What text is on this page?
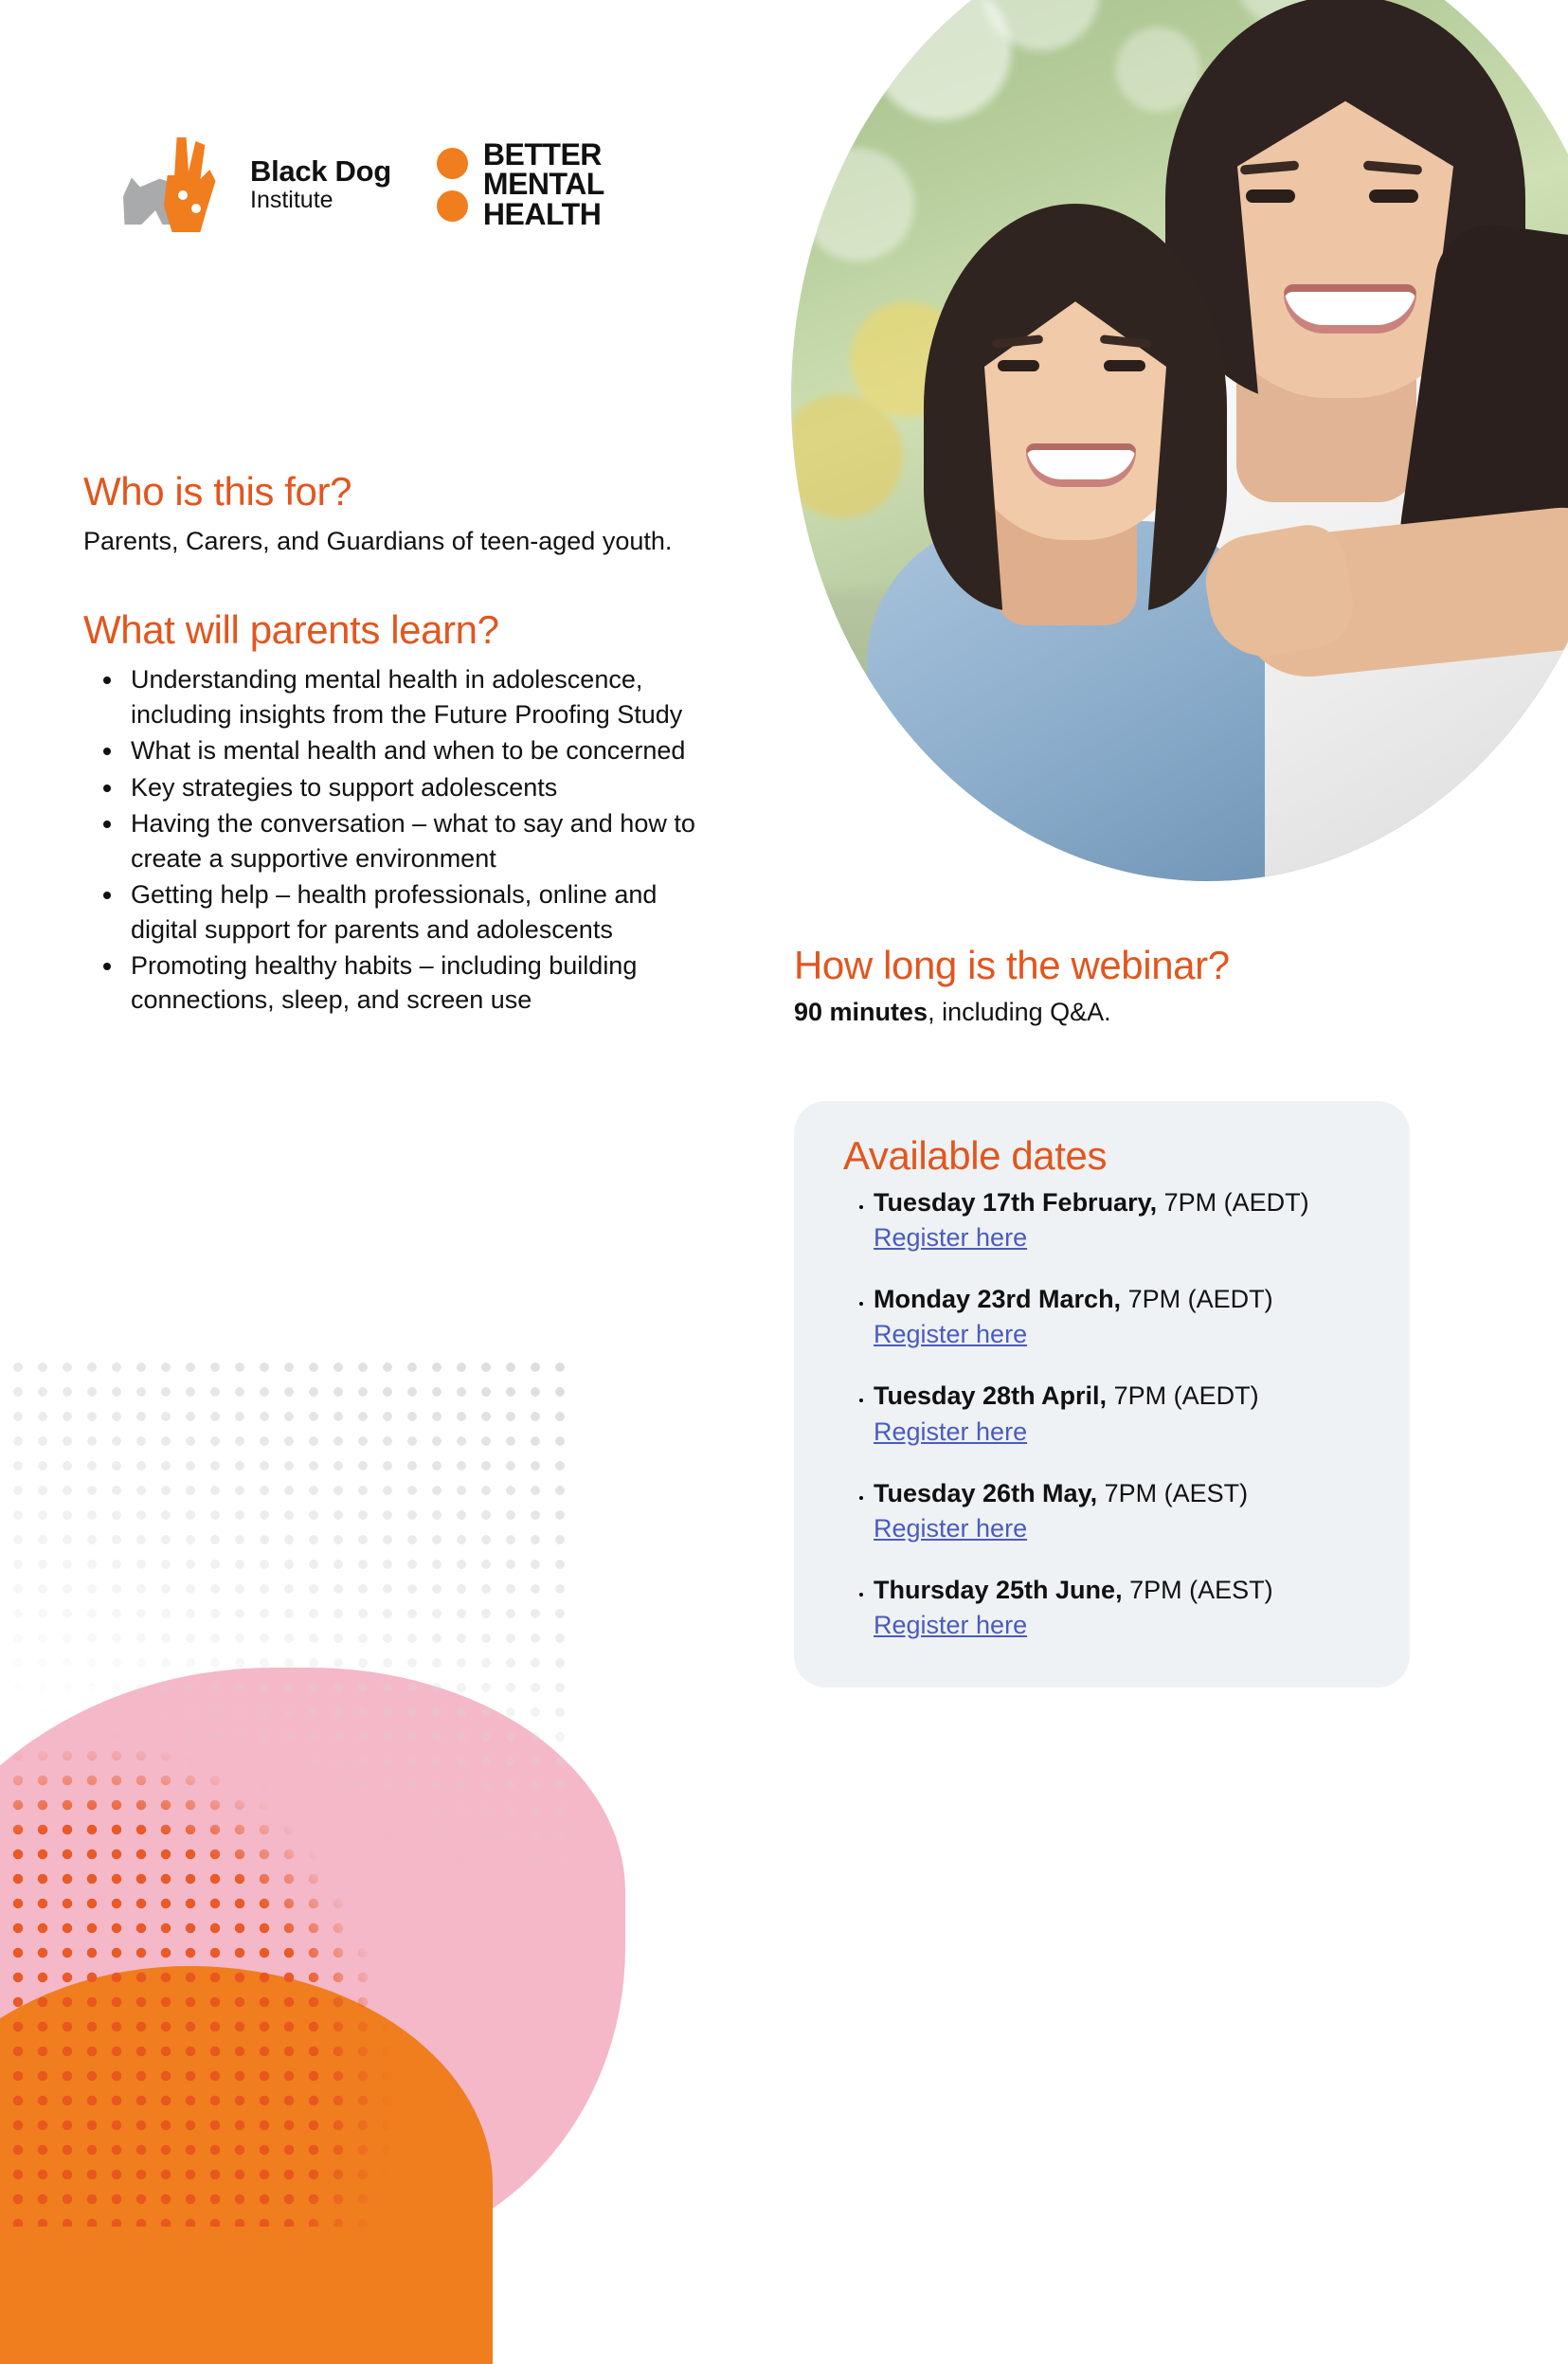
Black Dog
Institute
BETTER
MENTAL
HEALTH
Who is this for?

Parents, Carers, and Guardians of teen-aged youth.

What will parents learn?
• Understanding mental health in adolescence, including insights from the Future Proofing Study
• What is mental health and when to be concerned
• Key strategies to support adolescents
• Having the conversation – what to say and how to create a supportive environment
• Getting help – health professionals, online and digital support for parents and adolescents
• Promoting healthy habits – including building connections, sleep, and screen use
How long is the webinar?

90 minutes, including Q&A.

Available dates
• Tuesday 17th February, 7PM (AEDT)
Register here
• Monday 23rd March, 7PM (AEDT)
Register here
• Tuesday 28th April, 7PM (AEDT)
Register here
• Tuesday 26th May, 7PM (AEST)
Register here
• Thursday 25th June, 7PM (AEST)
Register here
